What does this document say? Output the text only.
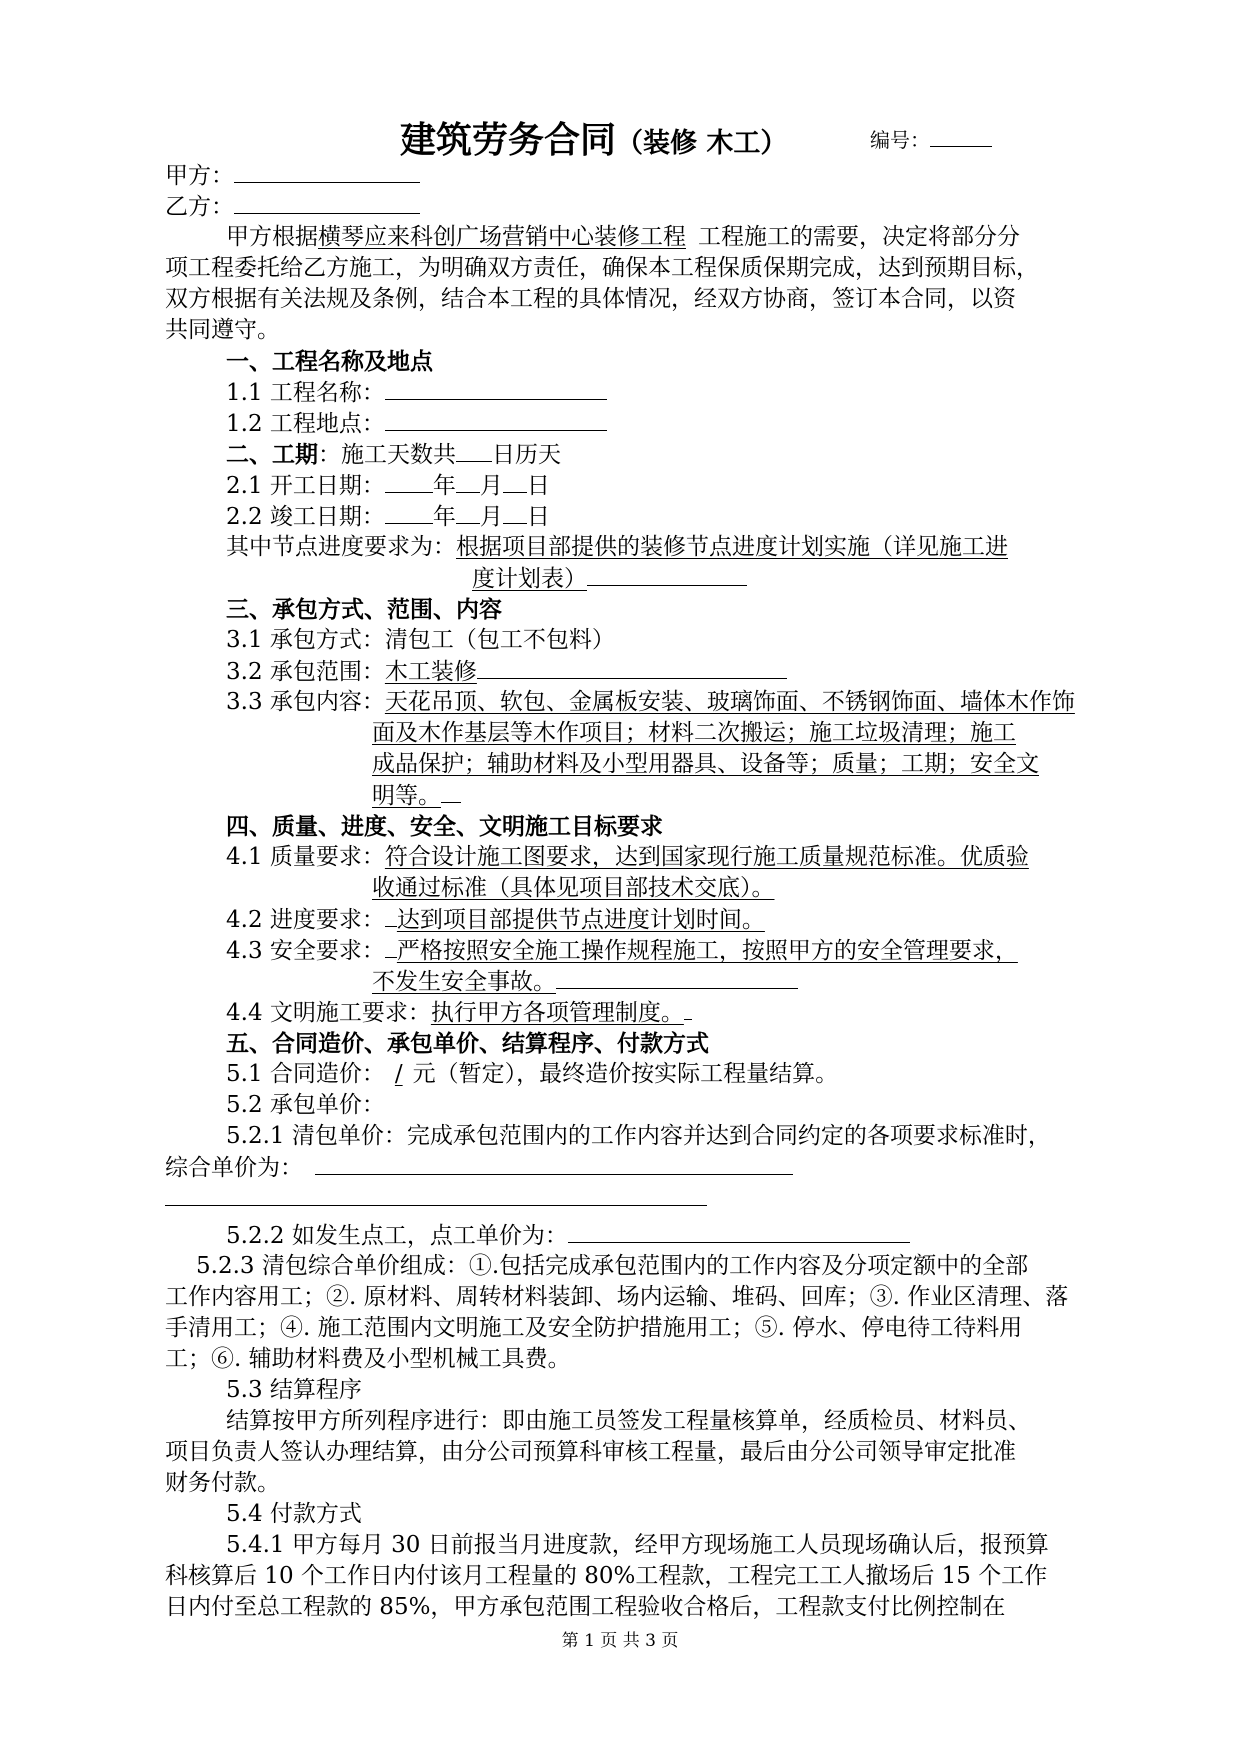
建筑劳务合同（装修 木工）	编号：
甲方：
乙方：
甲方根据横琴应来科创广场营销中心装修工程 工程施工的需要，决定将部分分
项工程委托给乙方施工，为明确双方责任，确保本工程保质保期完成，达到预期目标，
双方根据有关法规及条例，结合本工程的具体情况，经双方协商，签订本合同，以资
共同遵守。
一、工程名称及地点
1.1 工程名称：
1.2 工程地点：
二、工期：施工天数共 日历天
2.1 开工日期： 年 月 日
2.2 竣工日期： 年 月 日
其中节点进度要求为：根据项目部提供的装修节点进度计划实施（详见施工进
度计划表）
三、承包方式、范围、内容
3.1 承包方式：清包工（包工不包料）
3.2 承包范围：木工装修
3.3 承包内容：天花吊顶、软包、金属板安装、玻璃饰面、不锈钢饰面、墙体木作饰
面及木作基层等木作项目；材料二次搬运；施工垃圾清理；施工
成品保护；辅助材料及小型用器具、设备等；质量；工期；安全文
明等。
四、质量、进度、安全、文明施工目标要求
4.1 质量要求：符合设计施工图要求，达到国家现行施工质量规范标准。优质验
收通过标准（具体见项目部技术交底）。
4.2 进度要求： 达到项目部提供节点进度计划时间。
4.3 安全要求： 严格按照安全施工操作规程施工，按照甲方的安全管理要求，
不发生安全事故。
4.4 文明施工要求：执行甲方各项管理制度。
五、合同造价、承包单价、结算程序、付款方式
5.1 合同造价： / 元（暂定），最终造价按实际工程量结算。
5.2 承包单价：
5.2.1 清包单价：完成承包范围内的工作内容并达到合同约定的各项要求标准时，
综合单价为：
5.2.2 如发生点工，点工单价为：
5.2.3 清包综合单价组成：①.包括完成承包范围内的工作内容及分项定额中的全部
工作内容用工；②. 原材料、周转材料装卸、场内运输、堆码、回库；③. 作业区清理、落
手清用工；④. 施工范围内文明施工及安全防护措施用工；⑤. 停水、停电待工待料用
工；⑥. 辅助材料费及小型机械工具费。
5.3 结算程序
结算按甲方所列程序进行：即由施工员签发工程量核算单，经质检员、材料员、
项目负责人签认办理结算，由分公司预算科审核工程量，最后由分公司领导审定批准
财务付款。
5.4 付款方式
5.4.1 甲方每月 30 日前报当月进度款，经甲方现场施工人员现场确认后，报预算
科核算后 10 个工作日内付该月工程量的 80%工程款，工程完工工人撤场后 15 个工作
日内付至总工程款的 85%，甲方承包范围工程验收合格后，工程款支付比例控制在
第 1 页 共 3 页
